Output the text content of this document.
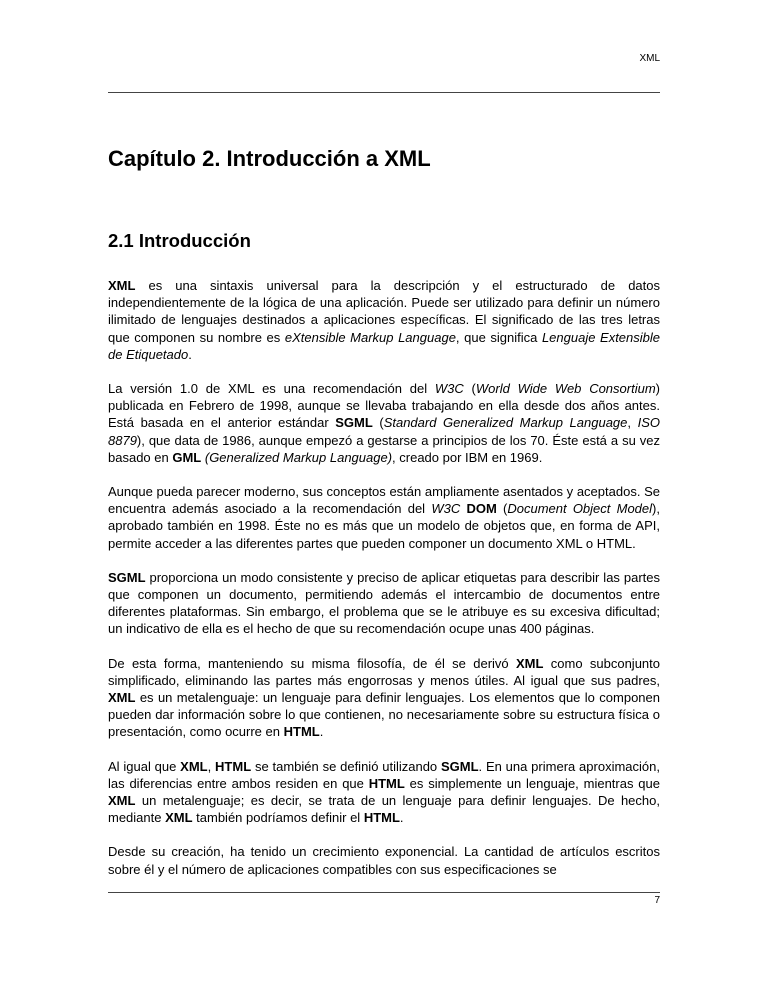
XML
Capítulo 2. Introducción a XML
2.1 Introducción

XML es una sintaxis universal para la descripción y el estructurado de datos independientemente de la lógica de una aplicación. Puede ser utilizado para definir un número ilimitado de lenguajes destinados a aplicaciones específicas. El significado de las tres letras que componen su nombre es eXtensible Markup Language, que significa Lenguaje Extensible de Etiquetado.

La versión 1.0 de XML es una recomendación del W3C (World Wide Web Consortium) publicada en Febrero de 1998, aunque se llevaba trabajando en ella desde dos años antes. Está basada en el anterior estándar SGML (Standard Generalized Markup Language, ISO 8879), que data de 1986, aunque empezó a gestarse a principios de los 70. Éste está a su vez basado en GML (Generalized Markup Language), creado por IBM en 1969.

Aunque pueda parecer moderno, sus conceptos están ampliamente asentados y aceptados. Se encuentra además asociado a la recomendación del W3C DOM (Document Object Model), aprobado también en 1998. Éste no es más que un modelo de objetos que, en forma de API, permite acceder a las diferentes partes que pueden componer un documento XML o HTML.

SGML proporciona un modo consistente y preciso de aplicar etiquetas para describir las partes que componen un documento, permitiendo además el intercambio de documentos entre diferentes plataformas. Sin embargo, el problema que se le atribuye es su excesiva dificultad; un indicativo de ella es el hecho de que su recomendación ocupe unas 400 páginas.

De esta forma, manteniendo su misma filosofía, de él se derivó XML como subconjunto simplificado, eliminando las partes más engorrosas y menos útiles. Al igual que sus padres, XML es un metalenguaje: un lenguaje para definir lenguajes. Los elementos que lo componen pueden dar información sobre lo que contienen, no necesariamente sobre su estructura física o presentación, como ocurre en HTML.

Al igual que XML, HTML se también se definió utilizando SGML. En una primera aproximación, las diferencias entre ambos residen en que HTML es simplemente un lenguaje, mientras que XML un metalenguaje; es decir, se trata de un lenguaje para definir lenguajes. De hecho, mediante XML también podríamos definir el HTML.

Desde su creación, ha tenido un crecimiento exponencial. La cantidad de artículos escritos sobre él y el número de aplicaciones compatibles con sus especificaciones se

7
